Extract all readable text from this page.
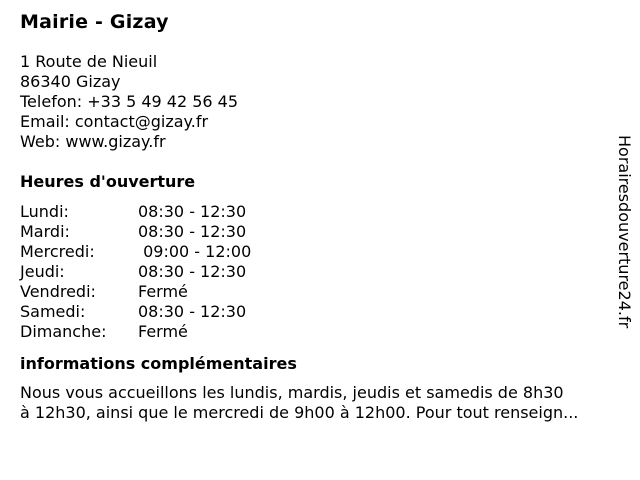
Mairie - Gizay
1 Route de Nieuil
86340 Gizay
Telefon: +33 5 49 42 56 45
Email: contact@gizay.fr
Web: www.gizay.fr
Heures d'ouverture
Lundi:	08:30 - 12:30
Mardi:	08:30 - 12:30
Mercredi:	09:00 - 12:00
Jeudi:	08:30 - 12:30
Vendredi:	Fermé
Samedi:	08:30 - 12:30
Dimanche:	Fermé
informations complémentaires
Nous vous accueillons les lundis, mardis, jeudis et samedis de 8h30
à 12h30, ainsi que le mercredi de 9h00 à 12h00. Pour tout renseign...
Horairesdouverture24.fr
